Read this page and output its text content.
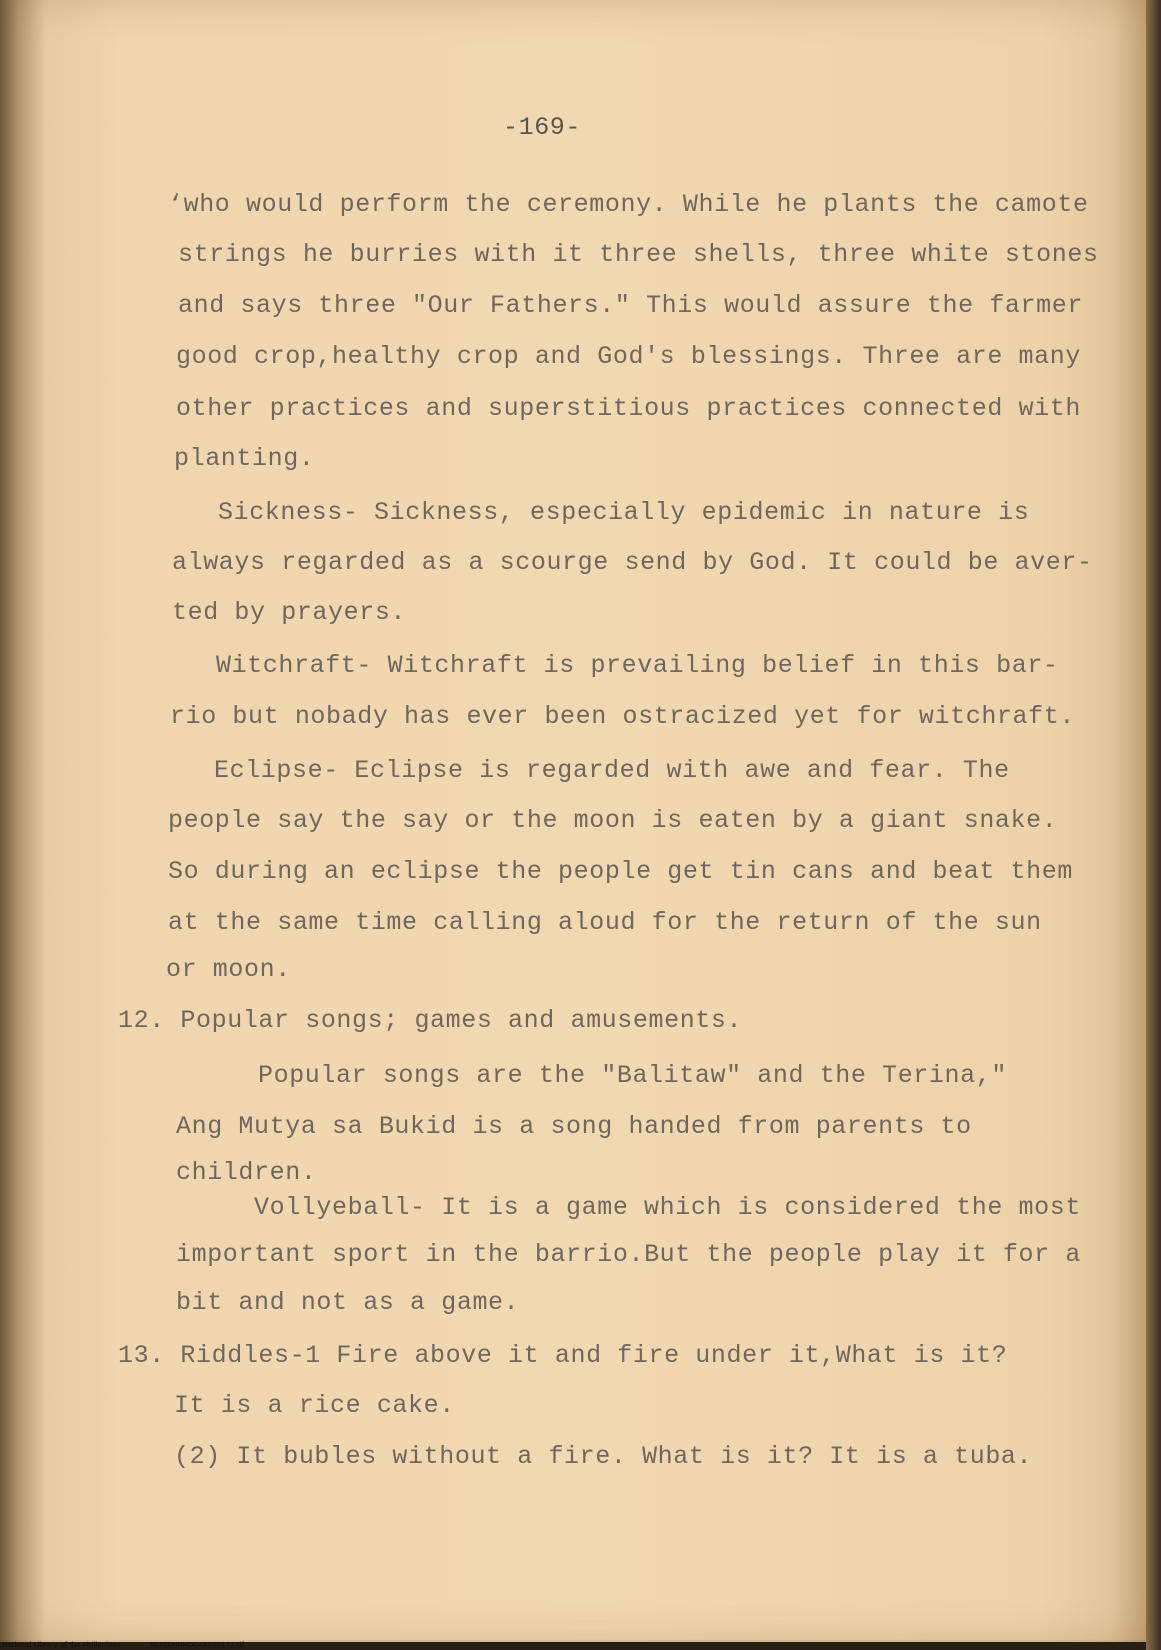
-169-
‘who would perform the ceremony. While he plants the camote
strings he burries with it three shells, three white stones
and says three "Our Fathers." This would assure the farmer
good crop,healthy crop and God's blessings. Three are many
other practices and superstitious practices connected with
planting.
Sickness- Sickness, especially epidemic in nature is
always regarded as a scourge send by God. It could be aver-
ted by prayers.
Witchraft- Witchraft is prevailing belief in this bar-
rio but nobady has ever been ostracized yet for witchraft.
Eclipse- Eclipse is regarded with awe and fear. The
people say the say or the moon is eaten by a giant snake.
So during an eclipse the people get tin cans and beat them
at the same time calling aloud for the return of the sun
or moon.
12. Popular songs; games and amusements.
Popular songs are the "Balitaw" and the Terina,"
Ang Mutya sa Bukid is a song handed from parents to
children.
Vollyeball- It is a game which is considered the most
important sport in the barrio.But the people play it for a
bit and not as a game.
13. Riddles-1 Fire above it and fire under it,What is it?
It is a rice cake.
(2) It bubles without a fire. What is it? It is a tuba.
National Library of the Philippines	NLP00HNHDCAB050172.tif
